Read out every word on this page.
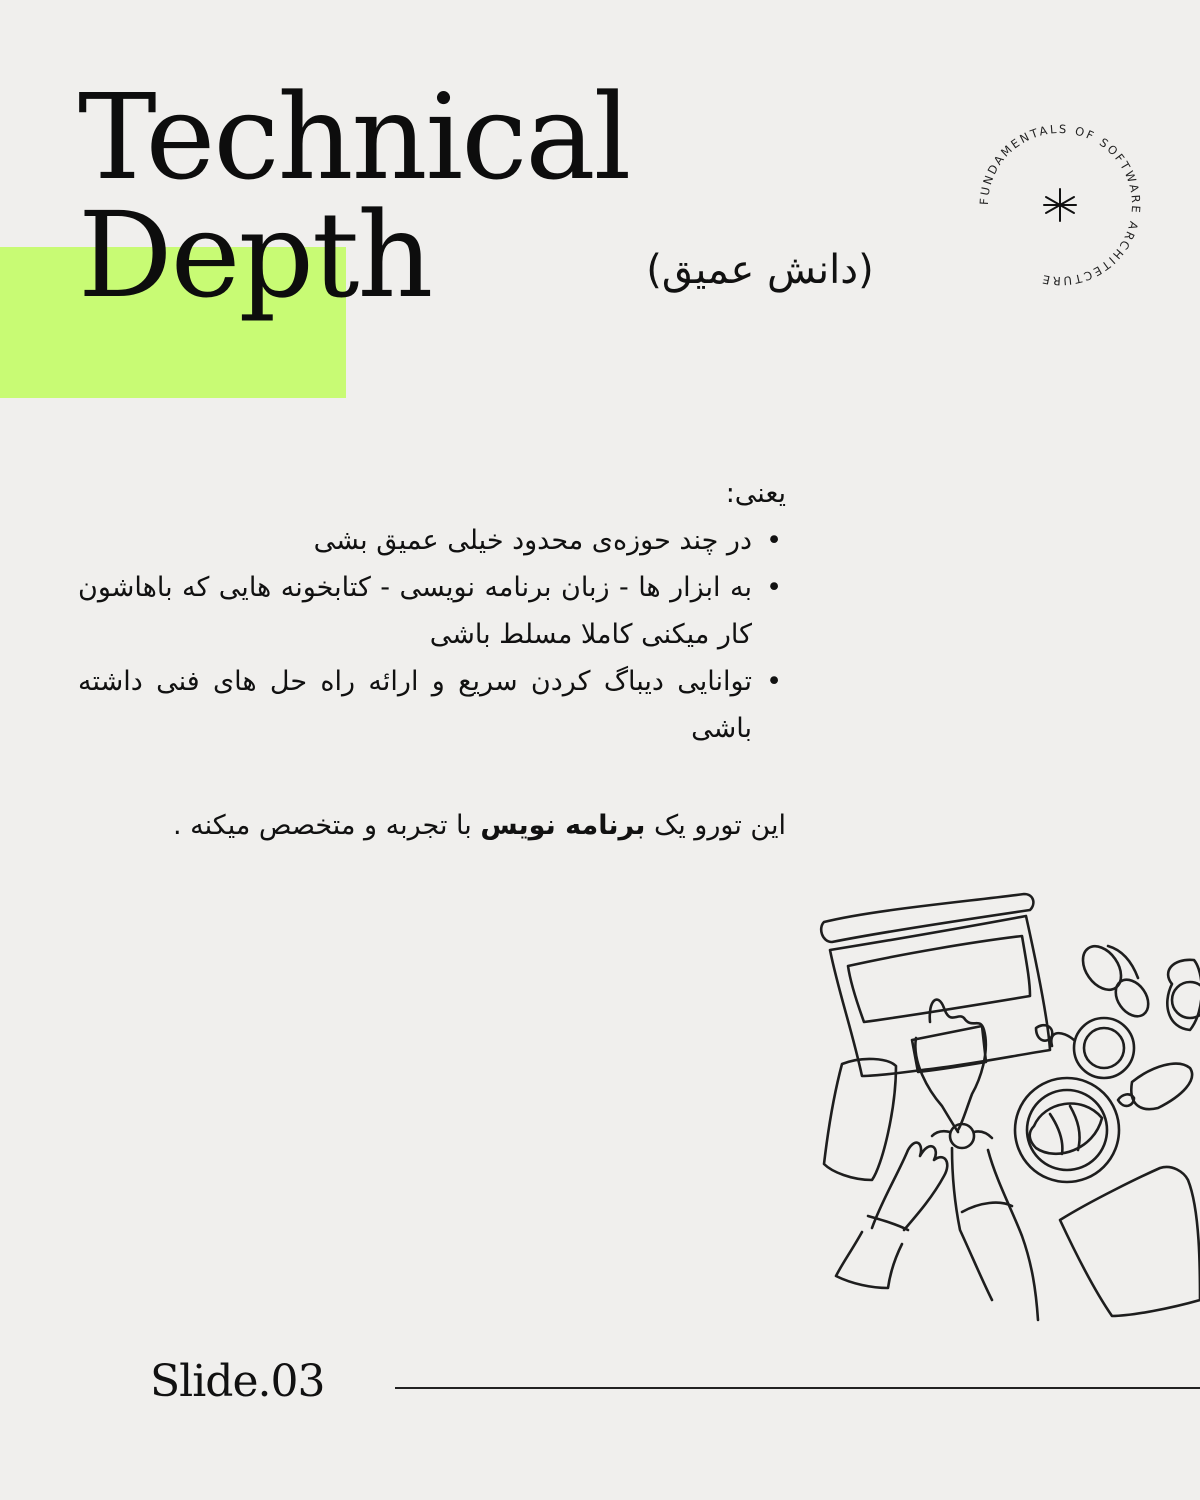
Technical
Depth	(دانش عمیق)
FUNDAMENTALS OF SOFTWARE ARCHITECTURE

یعنی:

• در چند حوزه‌ی محدود خیلی عمیق بشی
• به ابزار ها - زبان برنامه نویسی - کتابخونه هایی که باهاشون کار میکنی کاملا مسلط باشی
• توانایی دیباگ کردن سریع و ارائه راه حل های فنی داشته باشی

این تورو یک برنامه نویس با تجربه و متخصص میکنه .

Slide.03
